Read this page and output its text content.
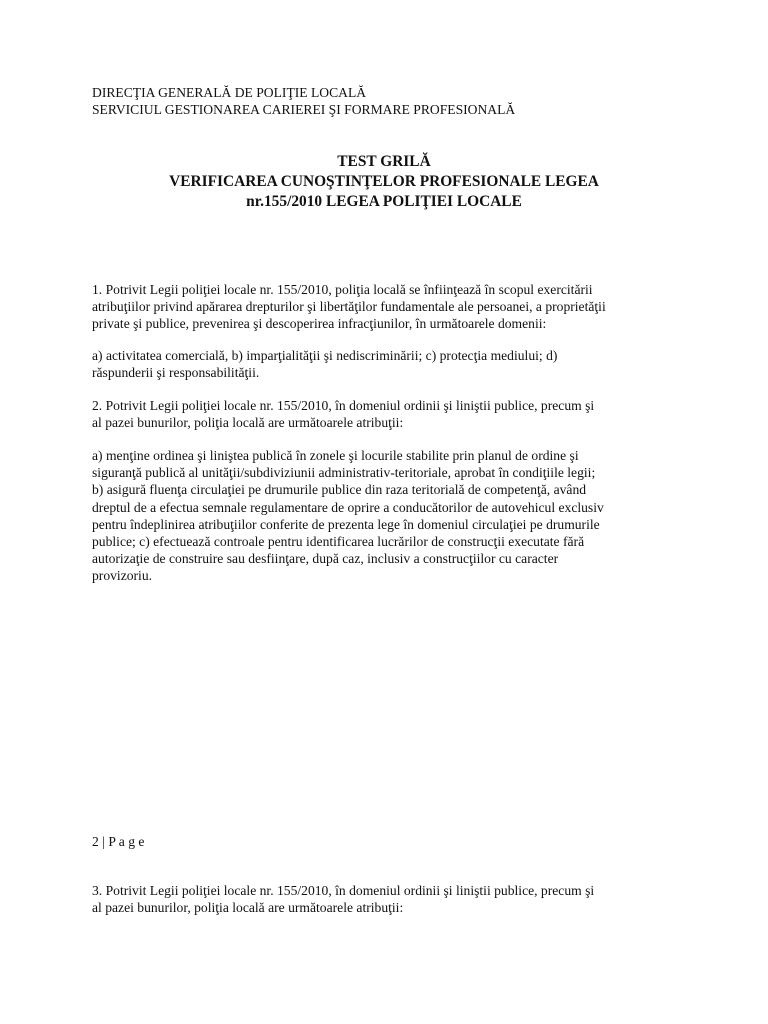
DIRECŢIA GENERALĂ DE POLIŢIE LOCALĂ
SERVICIUL GESTIONAREA CARIEREI ŞI FORMARE PROFESIONALĂ
TEST GRILĂ
VERIFICAREA CUNOŞTINŢELOR PROFESIONALE LEGEA
nr.155/2010 LEGEA POLIŢIEI LOCALE
1. Potrivit Legii poliţiei locale nr. 155/2010, poliţia locală se înfiinţează în scopul exercitării
atribuţiilor privind apărarea drepturilor şi libertăţilor fundamentale ale persoanei, a proprietăţii
private şi publice, prevenirea şi descoperirea infracţiunilor, în următoarele domenii:
a) activitatea comercială, b) imparţialităţii şi nediscriminării; c) protecţia mediului; d)
răspunderii şi responsabilităţii.
2. Potrivit Legii poliţiei locale nr. 155/2010, în domeniul ordinii şi liniştii publice, precum şi
al pazei bunurilor, poliţia locală are următoarele atribuţii:
a) menţine ordinea şi liniştea publică în zonele şi locurile stabilite prin planul de ordine şi
siguranţă publică al unităţii/subdiviziunii administrativ-teritoriale, aprobat în condiţiile legii;
b) asigură fluenţa circulaţiei pe drumurile publice din raza teritorială de competenţă, având
dreptul de a efectua semnale regulamentare de oprire a conducătorilor de autovehicul exclusiv
pentru îndeplinirea atribuţiilor conferite de prezenta lege în domeniul circulaţiei pe drumurile
publice; c) efectuează controale pentru identificarea lucrărilor de construcţii executate fără
autorizaţie de construire sau desfiinţare, după caz, inclusiv a construcţiilor cu caracter
provizoriu.
2 | P a g e
3. Potrivit Legii poliţiei locale nr. 155/2010, în domeniul ordinii şi liniştii publice, precum şi
al pazei bunurilor, poliţia locală are următoarele atribuţii:
